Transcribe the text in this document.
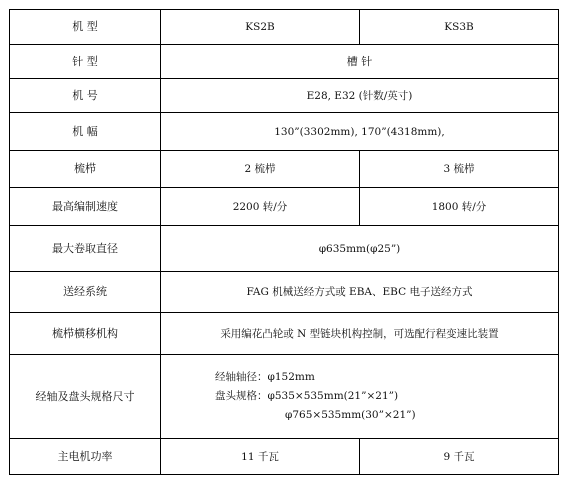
机 型	KS2B	KS3B
针 型	槽 针	
机 号	E28, E32 (针数/英寸)	
机 幅	130”(3302mm), 170”(4318mm),	
梳栉	2 梳栉	3 梳栉
最高编制速度	2200 转/分	1800 转/分
最大卷取直径	φ635mm(φ25”)	
送经系统	FAG 机械送经方式或 EBA、EBC 电子送经方式	
梳栉横移机构	采用编花凸轮或 N 型链块机构控制，可选配行程变速比装置	
经轴及盘头规格尺寸	经轴轴径：φ152mm
盘头规格：φ535×535mm(21”×21”)
φ765×535mm(30”×21”)	

主电机功率	11 千瓦	9 千瓦
